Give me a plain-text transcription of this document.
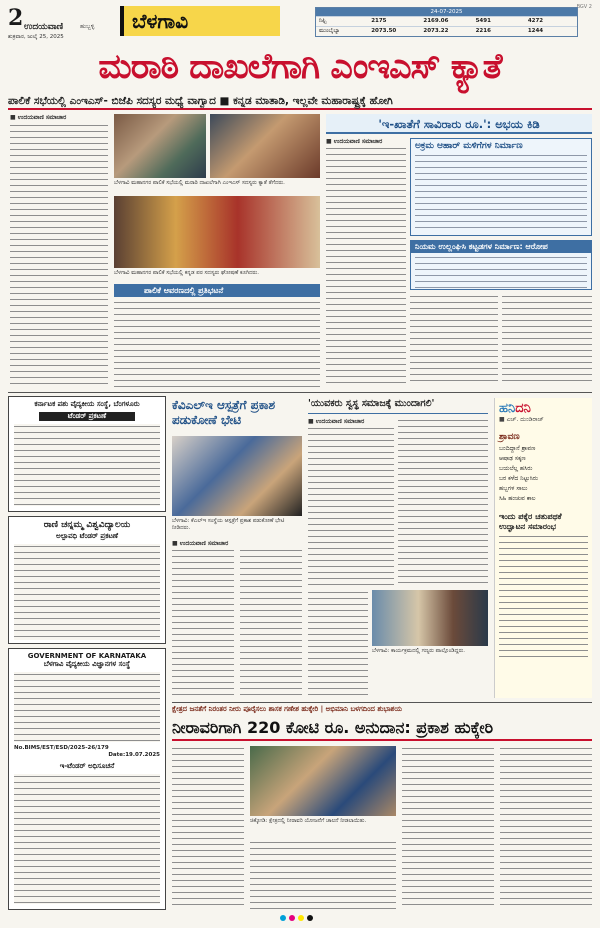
2 ಉದಯವಾಣಿ	ಹುಬ್ಬಳ್ಳಿ
ಶುಕ್ರವಾರ, ಜುಲೈ 25, 2025
ಬೆಳಗಾವಿ
BGV 2
24-07-2025
ನಿಫ್ಟಿ	2175	2169.06	5491	4272
ಮುಂಬೈಬ್ಯಾ	2073.50	2073.22	2216	1244
ಮರಾಠಿ ದಾಖಲೆಗಾಗಿ ಎಂಇಎಸ್ ಕ್ಯಾತೆ
ಪಾಲಿಕೆ ಸಭೆಯಲ್ಲಿ ಎಂಇಎಸ್- ಬಿಜೆಪಿ ಸದಸ್ಯರ ಮಧ್ಯೆ ವಾಗ್ವಾದ ■ ಕನ್ನಡ ಮಾತಾಡಿ, ಇಲ್ಲವೇ ಮಹಾರಾಷ್ಟ್ರಕ್ಕೆ ಹೋಗಿ
■ ಉದಯವಾಣಿ ಸಮಾಚಾರ
ಬೆಳಗಾವಿ ಮಹಾನಗರ ಪಾಲಿಕೆ ಸಭೆಯಲ್ಲಿ ಮರಾಠಿ ದಾಖಲೆಗಾಗಿ ಎಂಇಎಸ್ ಸದಸ್ಯರು ಕ್ಯಾತೆ ತೆಗೆದರು.
ಬೆಳಗಾವಿ ಮಹಾನಗರ ಪಾಲಿಕೆ ಸಭೆಯಲ್ಲಿ ಕನ್ನಡ ಪರ ಸದಸ್ಯರು ಘೋಷಣೆ ಕೂಗಿದರು.
ಪಾಲಿಕೆ ಆವರಣದಲ್ಲಿ ಪ್ರತಿಭಟನೆ
'ಇ-ಖಾತೆಗೆ ಸಾವಿರಾರು ರೂ.': ಅಭಯ ಕಿಡಿ
■ ಉದಯವಾಣಿ ಸಮಾಚಾರ	ಅಕ್ರಮ ಆಹಾರ್ ಮಳಿಗೆಗಳ ನಿರ್ಮಾಣ
ನಿಯಮ ಉಲ್ಲಂಘಿಸಿ ಕಟ್ಟಡಗಳ ನಿರ್ಮಾಣ: ಆರೋಪ
ಕರ್ನಾಟಕ ಪಶು ವೈದ್ಯಕೀಯ ಸಂಸ್ಥೆ, ಬೆಂಗಳೂರು
ಟೆಂಡರ್ ಪ್ರಕಟಣೆ
ರಾಣಿ ಚನ್ನಮ್ಮ ವಿಶ್ವವಿದ್ಯಾಲಯ
ಅಲ್ಪಾವಧಿ ಟೆಂಡರ್ ಪ್ರಕಟಣೆ
GOVERNMENT OF KARNATAKA
ಬೆಳಗಾವಿ ವೈದ್ಯಕೀಯ ವಿಜ್ಞಾನಗಳ ಸಂಸ್ಥೆ
No.BIMS/EST/ESD/2025-26/179
Date:19.07.2025
ಇ-ಟೆಂಡರ್ ಅಧಿಸೂಚನೆ
ಕೆವಿಎಲ್‌ಇ ಆಸ್ಪತ್ರೆಗೆ ಪ್ರಕಾಶ ಪಡುಕೋಣೆ ಭೇಟಿ
ಬೆಳಗಾವಿ: ಕೆಎಲ್ಇ ಸಂಸ್ಥೆಯ ಆಸ್ಪತ್ರೆಗೆ ಪ್ರಕಾಶ ಪಡುಕೋಣೆ ಭೇಟಿ ನೀಡಿದರು.
■ ಉದಯವಾಣಿ ಸಮಾಚಾರ
'ಯುವಕರು ಸ್ವಸ್ಥ ಸಮಾಜಕ್ಕೆ ಮುಂದಾಗಲಿ'
■ ಉದಯವಾಣಿ ಸಮಾಚಾರ
ಬೆಳಗಾವಿ: ಕಾರ್ಯಕ್ರಮದಲ್ಲಿ ಗಣ್ಯರು ಪಾಲ್ಗೊಂಡಿದ್ದರು.
ಹನಿದನಿ
■ ಎಚ್. ದುಂಡಿರಾಜ್
ಶ್ರಾವಣ
ಬಂದಿದ್ದಾನೆ ಶ್ರಾವಣ
ಆಷಾಢ ಸಕ್ಕಣ
ಬಯಲೆಲ್ಲ ಹಸಿರು
ಬರ ಕಳೆದ ನಿಟ್ಟುಸಿರು
ಹಬ್ಬಗಳ ಸಾಲು
ಸಿಹಿ ಹಂಚುವ ಕಾಲ
ಇಂದು ಪಕ್ಕೆರ ಚತುಪಥಕೆ ಉದ್ಘಾಟನ ಸಮಾರಂಭ
ಕ್ಷೇತ್ರದ ಜನತೆಗೆ ನಿರಂತರ ನೀರು ಪೂರೈಸಲು ಶಾಸಕ ಗಣೇಶ ಹುಕ್ಕೇರಿ | ಅಭಿಮಾನಿ ಬಳಗದಿಂದ ಶುಭಾಶಯ
ನೀರಾವರಿಗಾಗಿ 220 ಕೋಟಿ ರೂ. ಅನುದಾನ: ಪ್ರಕಾಶ ಹುಕ್ಕೇರಿ
ಚಿಕ್ಕೋಡಿ: ಕ್ಷೇತ್ರದಲ್ಲಿ ನೀರಾವರಿ ಯೋಜನೆಗೆ ಚಾಲನೆ ನೀಡಲಾಯಿತು.
